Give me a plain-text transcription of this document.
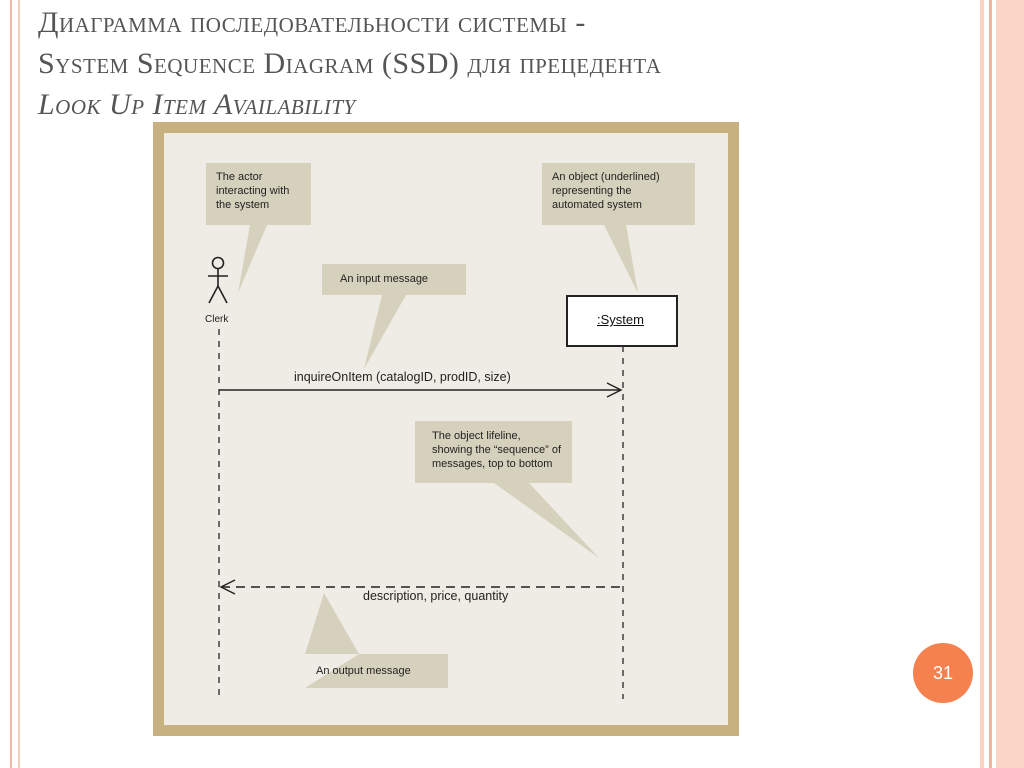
Диаграмма последовательности системы -
System Sequence Diagram (SSD) для прецедента
Look Up Item Availability
The actor
interacting with
the system
An object (underlined)
representing the
automated system
An input message
The object lifeline,
showing the “sequence” of
messages, top to bottom
An output message
Clerk	:System
inquireOnItem (catalogID, prodID, size)
description, price, quantity
31
